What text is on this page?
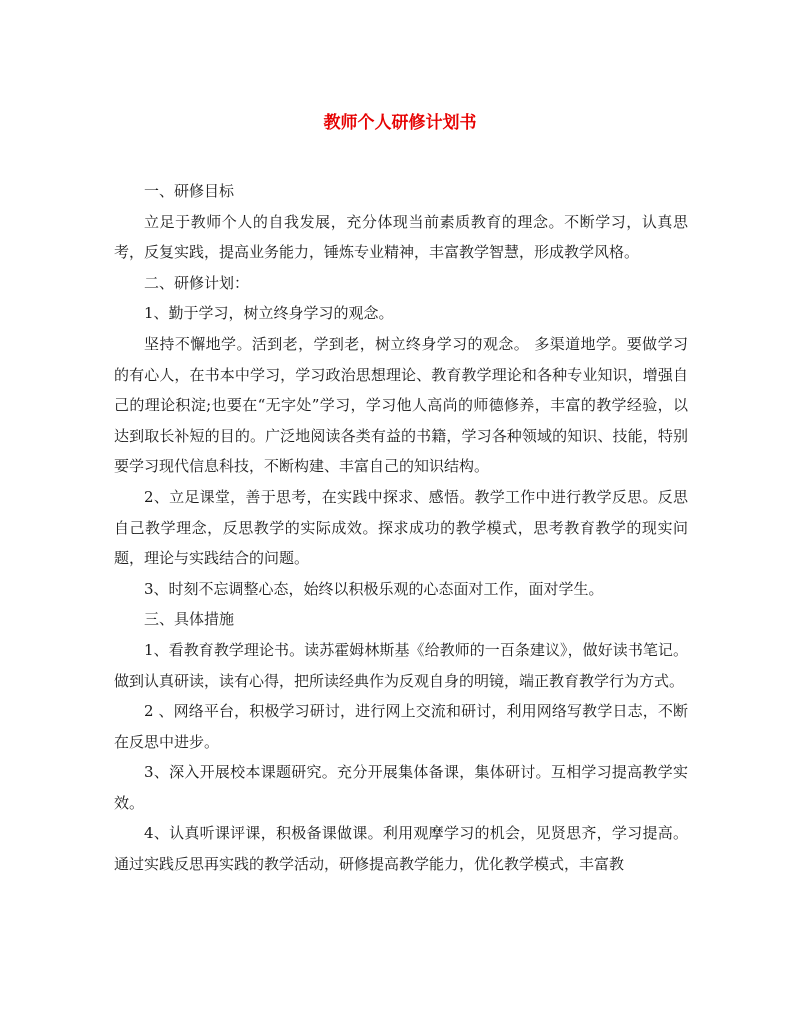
教师个人研修计划书

一、研修目标

立足于教师个人的自我发展，充分体现当前素质教育的理念。不断学习，认真思考，反复实践，提高业务能力，锤炼专业精神，丰富教学智慧，形成教学风格。

二、研修计划：

1、勤于学习，树立终身学习的观念。

坚持不懈地学。活到老，学到老，树立终身学习的观念。 多渠道地学。要做学习的有心人，在书本中学习，学习政治思想理论、教育教学理论和各种专业知识，增强自己的理论积淀;也要在“无字处”学习，学习他人高尚的师德修养，丰富的教学经验，以达到取长补短的目的。广泛地阅读各类有益的书籍，学习各种领域的知识、技能，特别要学习现代信息科技，不断构建、丰富自己的知识结构。

2、立足课堂，善于思考，在实践中探求、感悟。教学工作中进行教学反思。反思自己教学理念，反思教学的实际成效。探求成功的教学模式，思考教育教学的现实问题，理论与实践结合的问题。

3、时刻不忘调整心态，始终以积极乐观的心态面对工作，面对学生。

三、具体措施

1、看教育教学理论书。读苏霍姆林斯基《给教师的一百条建议》，做好读书笔记。做到认真研读，读有心得，把所读经典作为反观自身的明镜，端正教育教学行为方式。

2 、网络平台，积极学习研讨，进行网上交流和研讨，利用网络写教学日志，不断在反思中进步。

3、深入开展校本课题研究。充分开展集体备课，集体研讨。互相学习提高教学实效。

4、认真听课评课，积极备课做课。利用观摩学习的机会，见贤思齐，学习提高。通过实践反思再实践的教学活动，研修提高教学能力，优化教学模式，丰富教
